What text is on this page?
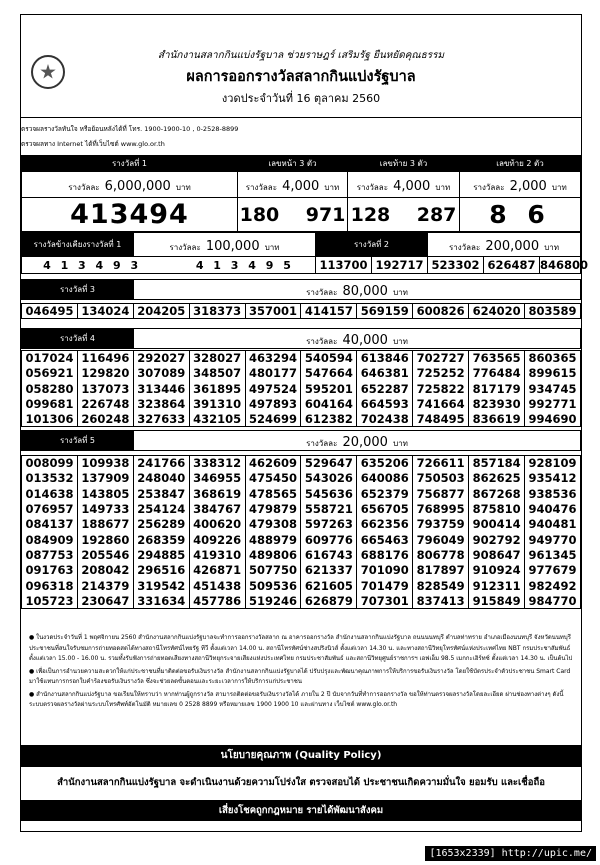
สำนักงานสลากกินแบ่งรัฐบาล ช่วยราษฎร์ เสริมรัฐ ยืนหยัดคุณธรรม
ผลการออกรางวัลสลากกินแบ่งรัฐบาล
งวดประจำวันที่ 16 ตุลาคม 2560
ตรวจผลรางวัลทันใจ หรือย้อนหลังได้ที่ โทร. 1900-1900-10 , 0-2528-8899
ตรวจผลทาง Internet ได้ที่เว็บไซต์ www.glo.or.th
รางวัลที่ 1	เลขหน้า 3 ตัว	เลขท้าย 3 ตัว	เลขท้าย 2 ตัว
รางวัลละ 6,000,000 บาท	รางวัลละ 4,000 บาท	รางวัลละ 4,000 บาท	รางวัลละ 2,000 บาท
413494	180 971	128 287	8 6
รางวัลข้างเคียงรางวัลที่ 1	รางวัลละ 100,000 บาท	รางวัลที่ 2		รางวัลละ 200,000 บาท		
4 1 3 4 9 3 4 1 3 4 9 5		113700	192717	523302	626487	846800
รางวัลที่ 3	รางวัลละ 80,000 บาท
046495	134024	204205	318373	357001	414157	569159	600826	624020	803589
รางวัลที่ 4	รางวัลละ 40,000 บาท
017024	116496	292027	328027	463294	540594	613846	702727	763565	860365
056921	129820	307089	348507	480177	547664	646381	725252	776484	899615
058280	137073	313446	361895	497524	595201	652287	725822	817179	934745
099681	226748	323864	391310	497893	604164	664593	741664	823930	992771
101306	260248	327633	432105	524699	612382	702438	748495	836619	994690
รางวัลที่ 5	รางวัลละ 20,000 บาท
008099	109938	241766	338312	462609	529647	635206	726611	857184	928109
013532	137909	248040	346955	475450	543026	640086	750503	862625	935412
014638	143805	253847	368619	478565	545636	652379	756877	867268	938536
076957	149733	254124	384767	479879	558721	656705	768995	875810	940476
084137	188677	256289	400620	479308	597263	662356	793759	900414	940481
084909	192860	268359	409226	488979	609776	665463	796049	902792	949770
087753	205546	294885	419310	489806	616743	688176	806778	908647	961345
091763	208042	296516	426871	507750	621337	701090	817897	910924	977679
096318	214379	319542	451438	509536	621605	701479	828549	912311	982492
105723	230647	331634	457786	519246	626879	707301	837413	915849	984770

● ในงวดประจำวันที่ 1 พฤศจิกายน 2560 สำนักงานสลากกินแบ่งรัฐบาลจะทำการออกรางวัลสลาก ณ อาคารออกรางวัล สำนักงานสลากกินแบ่งรัฐบาล ถนนนนทบุรี ตำบลท่าทราย อำเภอเมืองนนทบุรี จังหวัดนนทบุรี ประชาชนที่สนใจรับชมการถ่ายทอดสดได้ทางสถานีโทรทัศน์ไทยรัฐ ทีวี ตั้งแต่เวลา 14.00 น. สถานีโทรทัศน์ช่างสปริงนิวส์ ตั้งแต่เวลา 14.30 น. และทางสถานีวิทยุโทรทัศน์แห่งประเทศไทย NBT กรมประชาสัมพันธ์ ตั้งแต่เวลา 15.00 - 16.00 น. รวมทั้งรับฟังการถ่ายทอดเสียงทางสถานีวิทยุกระจายเสียงแห่งประเทศไทย กรมประชาสัมพันธ์ และสถานีวิทยุศูนย์ราชการฯ เอฟเอ็ม 98.5 เมกกะเฮิร์ทซ์ ตั้งแต่เวลา 14.30 น. เป็นต้นไป

● เพื่อเป็นการอำนวยความสะดวกให้แก่ประชาชนที่มาติดต่อขอรับเงินรางวัล สำนักงานสลากกินแบ่งรัฐบาลได้ ปรับปรุงและพัฒนาคุณภาพการให้บริการขอรับเงินรางวัล โดยใช้บัตรประจำตัวประชาชน Smart Card มาใช้แทนการกรอกใบคำร้องขอรับเงินรางวัล ซึ่งจะช่วยลดขั้นตอนและระยะเวลาการให้บริการแก่ประชาชน

● สำนักงานสลากกินแบ่งรัฐบาล ขอเรียนให้ทราบว่า หากท่านผู้ถูกรางวัล สามารถติดต่อขอรับเงินรางวัลได้ ภายใน 2 ปี นับจากวันที่ทำการออกรางวัล ขอให้ท่านตรวจผลรางวัลโดยละเอียด ผ่านช่องทางต่างๆ ดังนี้ ระบบตรวจผลรางวัลผ่านระบบโทรศัพท์อัตโนมัติ หมายเลข 0 2528 8899 หรือหมายเลข 1900 1900 10 และผ่านทาง เว็บไซต์ www.glo.or.th

นโยบายคุณภาพ (Quality Policy)
สำนักงานสลากกินแบ่งรัฐบาล จะดำเนินงานด้วยความโปร่งใส ตรวจสอบได้ ประชาชนเกิดความมั่นใจ ยอมรับ และเชื่อถือ
เสี่ยงโชคถูกกฎหมาย รายได้พัฒนาสังคม
[1653x2339] http://upic.me/
